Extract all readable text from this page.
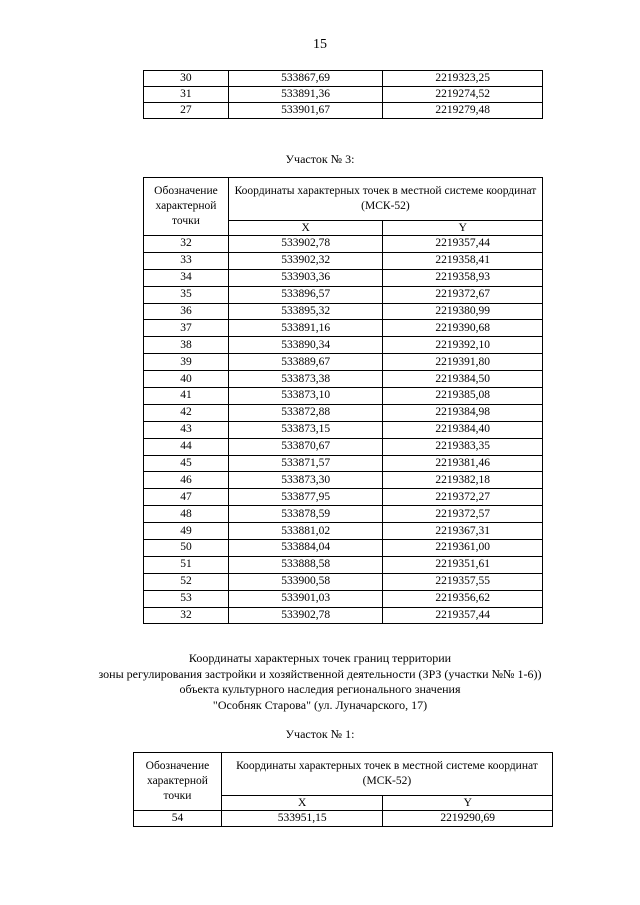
15
30	533867,69	2219323,25
31	533891,36	2219274,52
27	533901,67	2219279,48
Участок № 3:
Обозначение характерной точки	Координаты характерных точек в местной системе координат (МСК-52)	
	X	Y
32	533902,78	2219357,44
33	533902,32	2219358,41
34	533903,36	2219358,93
35	533896,57	2219372,67
36	533895,32	2219380,99
37	533891,16	2219390,68
38	533890,34	2219392,10
39	533889,67	2219391,80
40	533873,38	2219384,50
41	533873,10	2219385,08
42	533872,88	2219384,98
43	533873,15	2219384,40
44	533870,67	2219383,35
45	533871,57	2219381,46
46	533873,30	2219382,18
47	533877,95	2219372,27
48	533878,59	2219372,57
49	533881,02	2219367,31
50	533884,04	2219361,00
51	533888,58	2219351,61
52	533900,58	2219357,55
53	533901,03	2219356,62
32	533902,78	2219357,44
Координаты характерных точек границ территории
зоны регулирования застройки и хозяйственной деятельности (ЗРЗ (участки №№ 1-6))
объекта культурного наследия регионального значения
"Особняк Старова" (ул. Луначарского, 17)
Участок № 1:
Обозначение характерной точки	Координаты характерных точек в местной системе координат (МСК-52)	
	X	Y
54	533951,15	2219290,69
